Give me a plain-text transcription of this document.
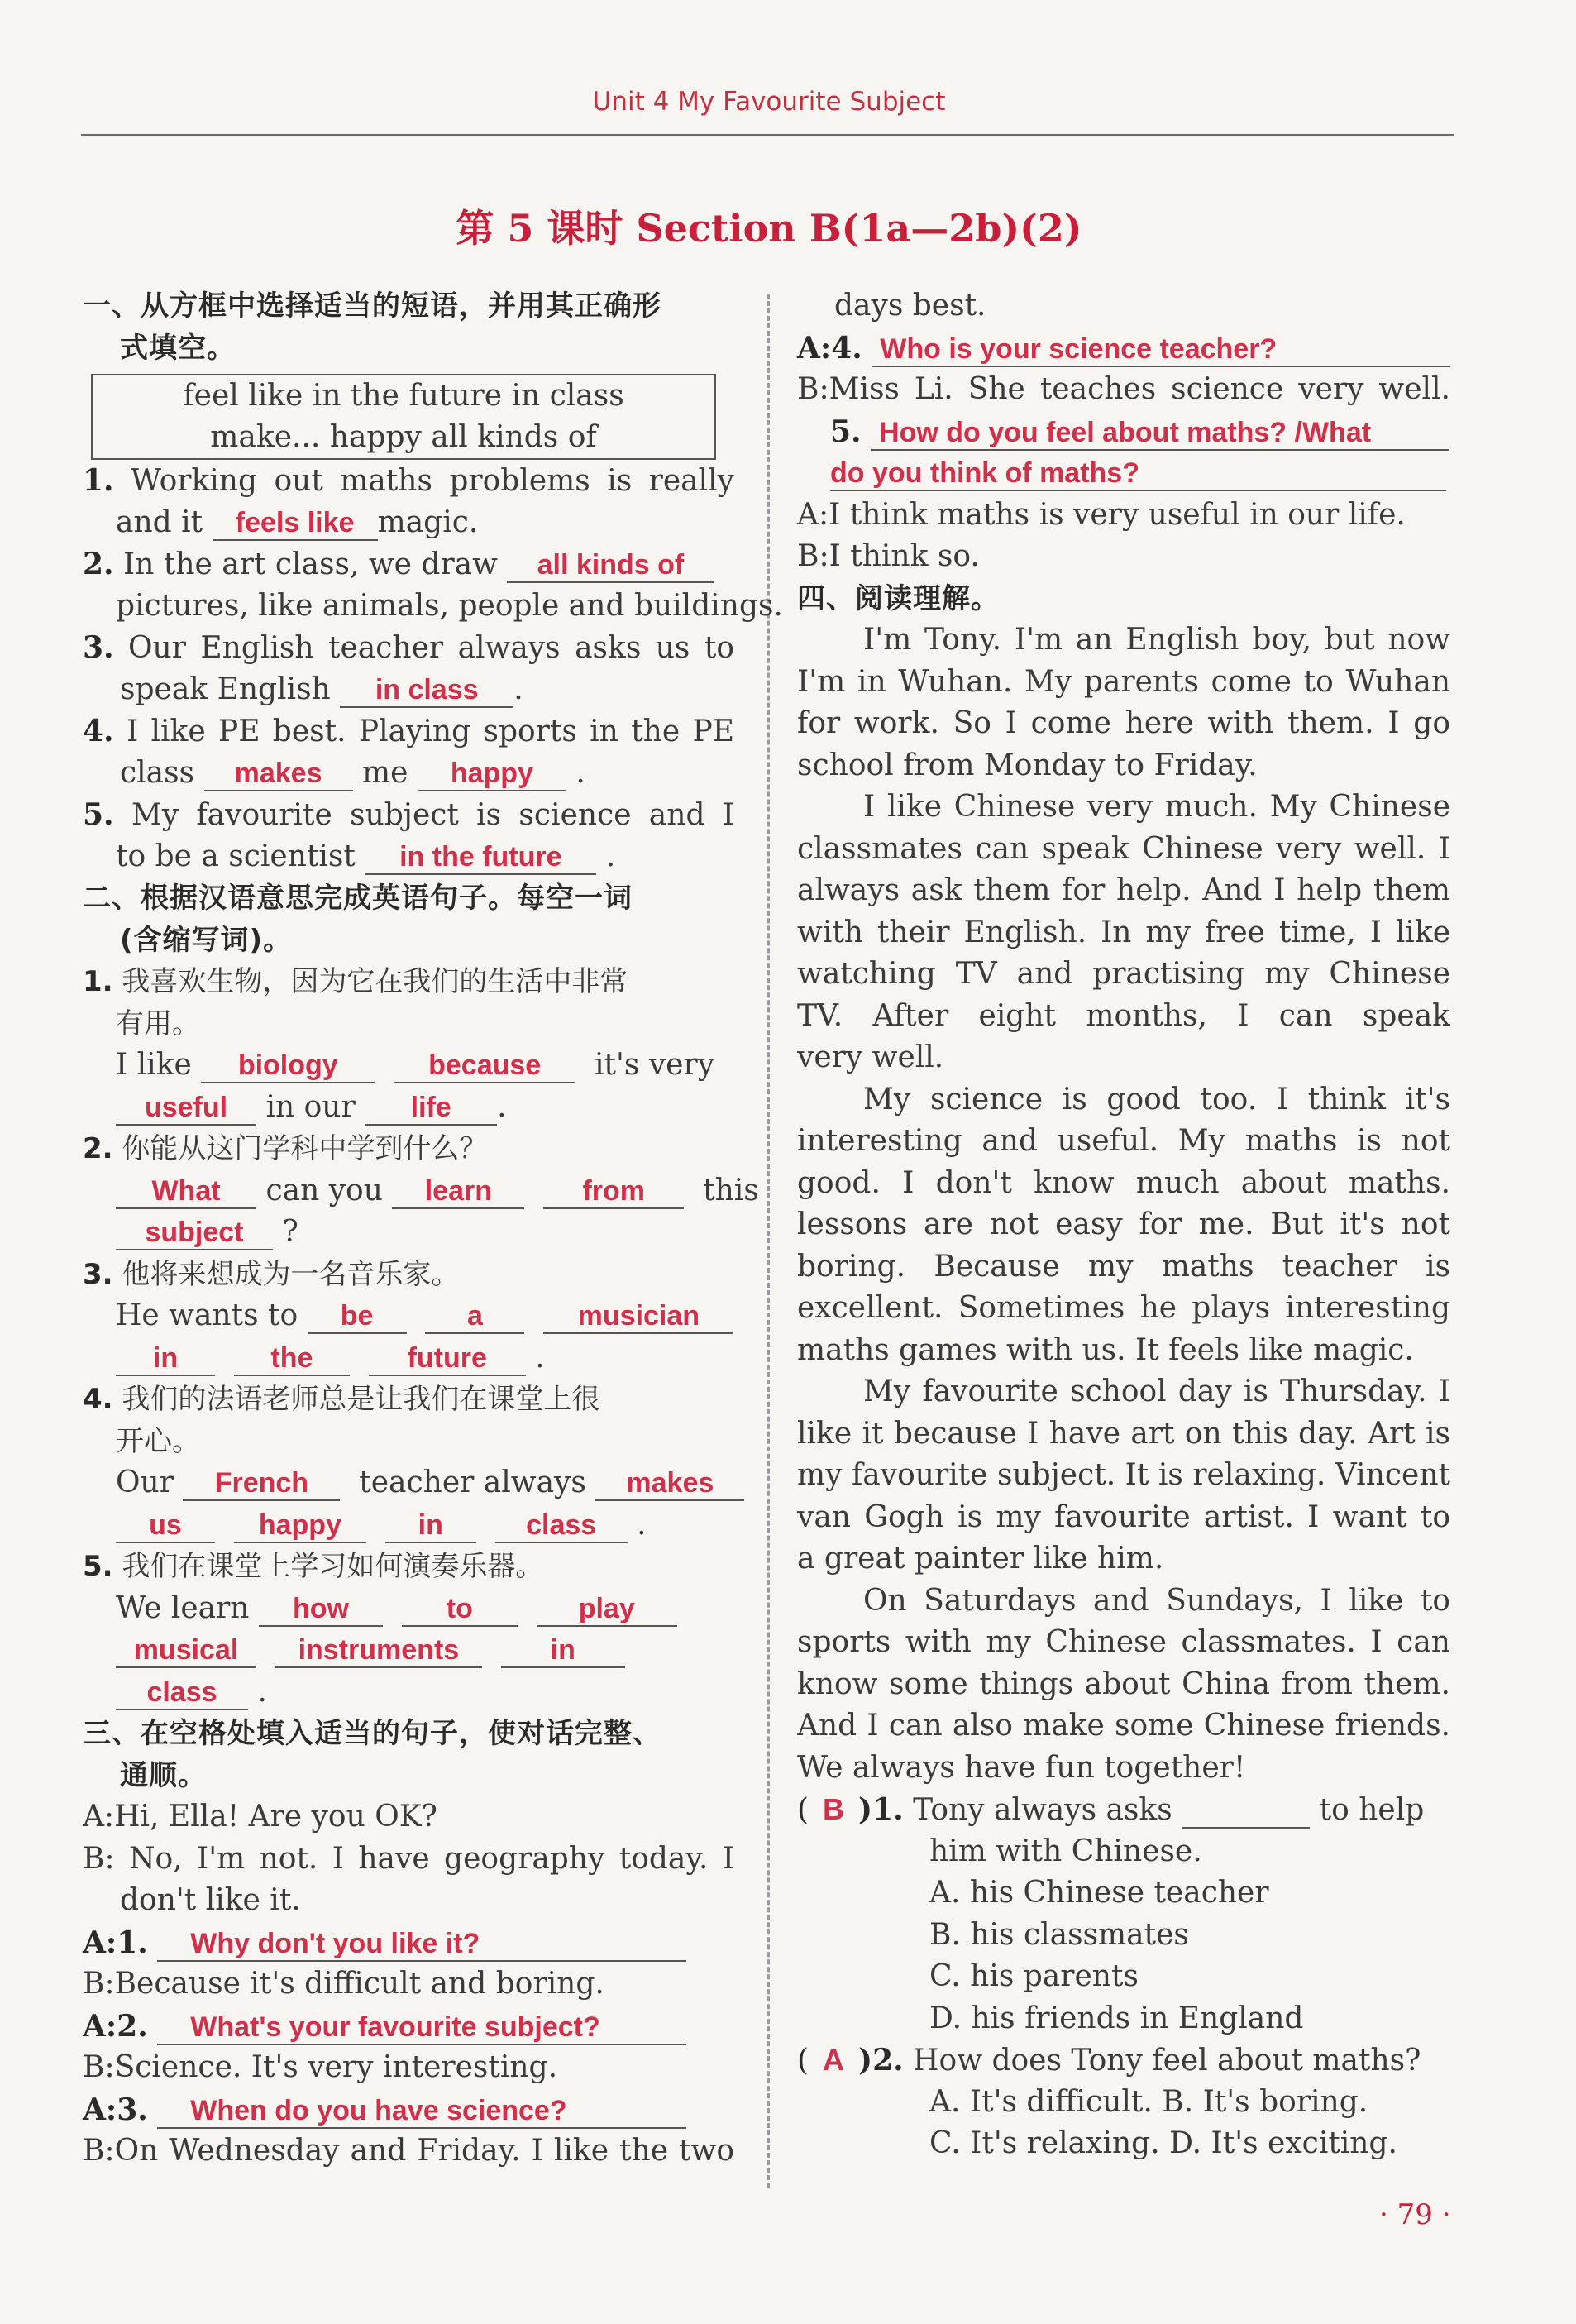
Unit 4 My Favourite Subject
第 5 课时 Section B(1a—2b)(2)
一、从方框中选择适当的短语，并用其正确形
式填空。
feel like in the future in class
make... happy all kinds of
1. Working out maths problems is really
and it feels like magic.
2. In the art class, we draw all kinds of
pictures, like animals, people and buildings.
3. Our English teacher always asks us to
speak English in class .
4. I like PE best. Playing sports in the PE
class makes me happy .
5. My favourite subject is science and I
to be a scientist in the future .
二、根据汉语意思完成英语句子。每空一词
(含缩写词)。
1. 我喜欢生物，因为它在我们的生活中非常
有用。
I like biology	because it's very
useful in our life .
2. 你能从这门学科中学到什么？
What can you learn	from this
subject ?
3. 他将来想成为一名音乐家。
He wants to be	a	musician
in	the	future .
4. 我们的法语老师总是让我们在课堂上很
开心。
Our French teacher always makes
us	happy	in	class .
5. 我们在课堂上学习如何演奏乐器。
We learn how	to	play
musical instruments	in
class .
三、在空格处填入适当的句子，使对话完整、
通顺。
A:Hi, Ella! Are you OK?
B: No, I'm not. I have geography today. I
don't like it.
A:1. Why don't you like it?
B:Because it's difficult and boring.
A:2. What's your favourite subject?
B:Science. It's very interesting.
A:3. When do you have science?
B:On Wednesday and Friday. I like the two
days best.
A:4. Who is your science teacher?
B:Miss Li. She teaches science very well.
5. How do you feel about maths? /What
do you think of maths?
A:I think maths is very useful in our life.
B:I think so.
四、阅读理解。
I'm Tony. I'm an English boy, but now
I'm in Wuhan. My parents come to Wuhan
for work. So I come here with them. I go
school from Monday to Friday.
I like Chinese very much. My Chinese
classmates can speak Chinese very well. I
always ask them for help. And I help them
with their English. In my free time, I like
watching TV and practising my Chinese
TV. After eight months, I can speak
very well.
My science is good too. I think it's
interesting and useful. My maths is not
good. I don't know much about maths.
lessons are not easy for me. But it's not
boring. Because my maths teacher is
excellent. Sometimes he plays interesting
maths games with us. It feels like magic.
My favourite school day is Thursday. I
like it because I have art on this day. Art is
my favourite subject. It is relaxing. Vincent
van Gogh is my favourite artist. I want to
a great painter like him.
On Saturdays and Sundays, I like to
sports with my Chinese classmates. I can
know some things about China from them.
And I can also make some Chinese friends.
We always have fun together!
( B )1. Tony always asks	to help
him with Chinese.
A. his Chinese teacher
B. his classmates
C. his parents
D. his friends in England
( A )2. How does Tony feel about maths?
A. It's difficult. B. It's boring.
C. It's relaxing. D. It's exciting.
· 79 ·
